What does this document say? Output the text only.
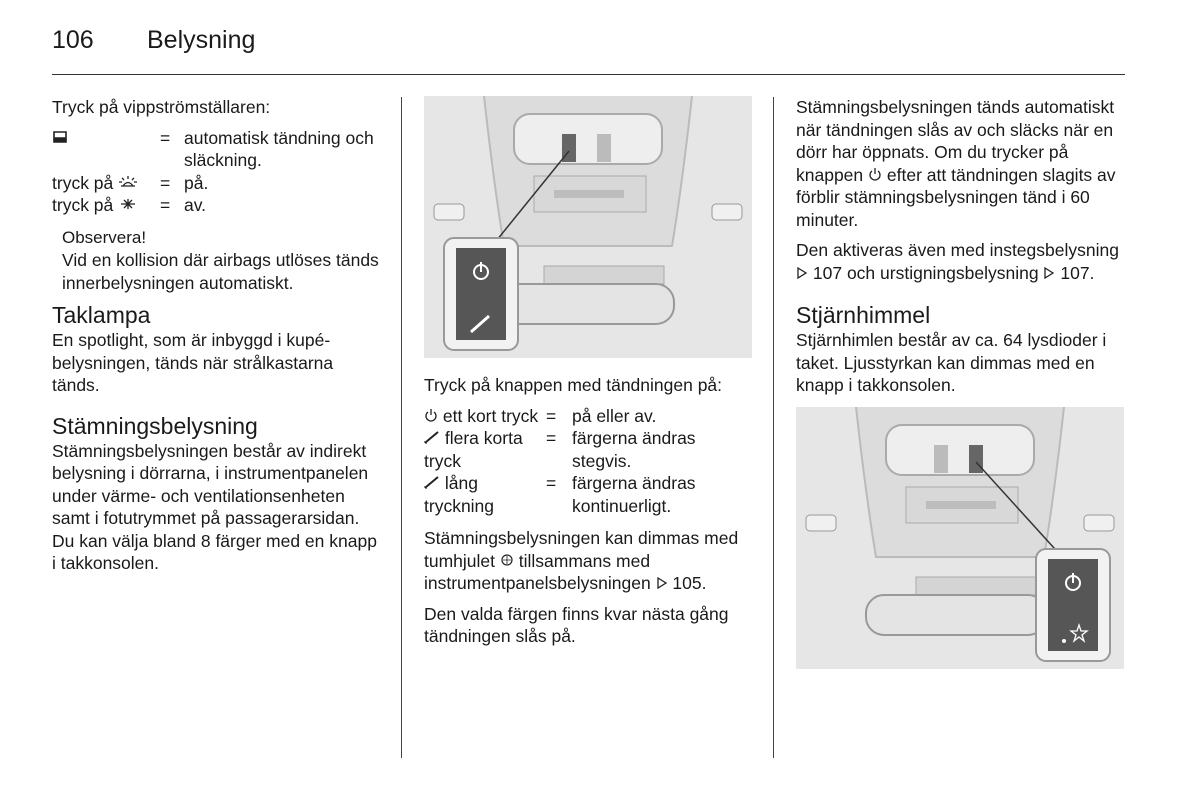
106 Belysning

Tryck på vippströmställaren:

	=	automatisk tändning och släckning.
tryck på	=	på.
tryck på	=	av.
Observera!
Vid en kollision där airbags utlöses tänds innerbelysningen automatiskt.
Taklampa

En spotlight, som är inbyggd i kupébelysningen, tänds när strålkastarna tänds.

Stämningsbelysning

Stämningsbelysningen består av indirekt belysning i dörrarna, i instrumentpanelen under värme- och ventilationsenheten samt i fotutrymmet på passagerarsidan. Du kan välja bland 8 färger med en knapp i takkonsolen.

Tryck på knappen med tändningen på:

ett kort tryck	=	på eller av.
flera korta tryck	=	färgerna ändras stegvis.
lång tryckning	=	färgerna ändras kontinuerligt.

Stämningsbelysningen kan dimmas med tumhjulet tillsammans med instrumentpanelsbelysningen 105.

Den valda färgen finns kvar nästa gång tändningen slås på.

Stämningsbelysningen tänds automatiskt när tändningen slås av och släcks när en dörr har öppnats. Om du trycker på knappen efter att tändningen slagits av förblir stämningsbelysningen tänd i 60 minuter.

Den aktiveras även med instegsbelysning  107 och urstigningsbelysning 107.

Stjärnhimmel

Stjärnhimlen består av ca. 64 lysdioder i taket. Ljusstyrkan kan dimmas med en knapp i takkonsolen.
